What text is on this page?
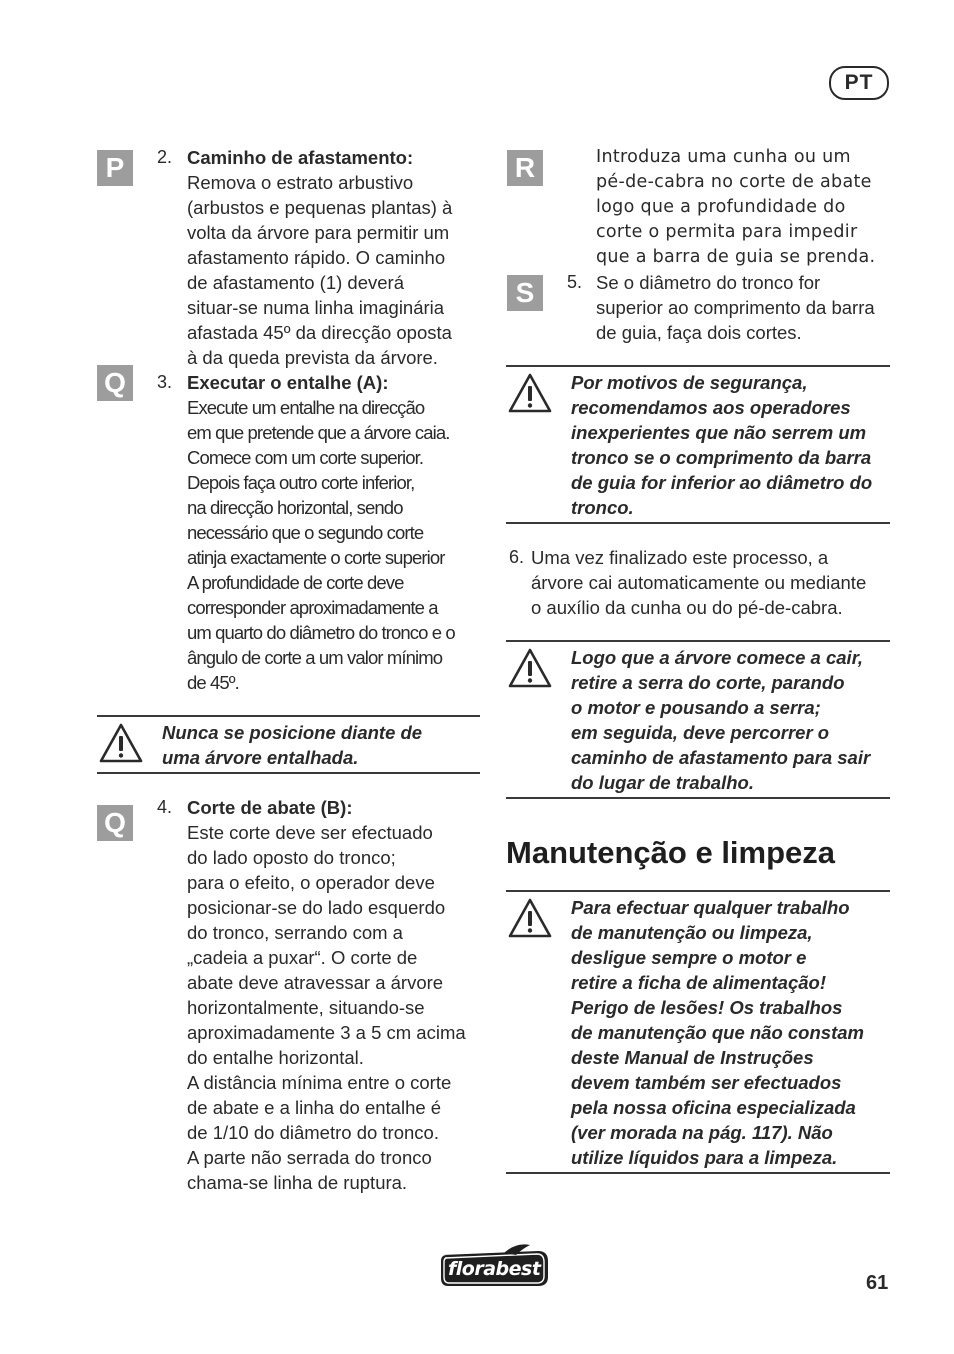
PT
P	2. Caminho de afastamento:
Remova o estrato arbustivo
(arbustos e pequenas plantas) à
volta da árvore para permitir um
afastamento rápido. O caminho
de afastamento (1) deverá
situar-se numa linha imaginária
afastada 45º da direcção oposta
à da queda prevista da árvore.
Q	3. Executar o entalhe (A):
Execute um entalhe na direcção
em que pretende que a árvore caia.
Comece com um corte superior.
Depois faça outro corte inferior,
na direcção horizontal, sendo
necessário que o segundo corte
atinja exactamente o corte superior
A profundidade de corte deve
corresponder aproximadamente a
um quarto do diâmetro do tronco e o
ângulo de corte a um valor mínimo
de 45º.
Nunca se posicione diante de
uma árvore entalhada.
Q	4. Corte de abate (B):
Este corte deve ser efectuado
do lado oposto do tronco;
para o efeito, o operador deve
posicionar-se do lado esquerdo
do tronco, serrando com a
„cadeia a puxar“. O corte de
abate deve atravessar a árvore
horizontalmente, situando-se
aproximadamente 3 a 5 cm acima
do entalhe horizontal.
A distância mínima entre o corte
de abate e a linha do entalhe é
de 1/10 do diâmetro do tronco.
A parte não serrada do tronco
chama-se linha de ruptura.
R	Introduza uma cunha ou um
pé-de-cabra no corte de abate
logo que a profundidade do
corte o permita para impedir
que a barra de guia se prenda.
S	5. Se o diâmetro do tronco for
superior ao comprimento da barra
de guia, faça dois cortes.
Por motivos de segurança,
recomendamos aos operadores
inexperientes que não serrem um
tronco se o comprimento da barra
de guia for inferior ao diâmetro do
tronco.
6. Uma vez finalizado este processo, a
árvore cai automaticamente ou mediante
o auxílio da cunha ou do pé-de-cabra.
Logo que a árvore comece a cair,
retire a serra do corte, parando
o motor e pousando a serra;
em seguida, deve percorrer o
caminho de afastamento para sair
do lugar de trabalho.
Manutenção e limpeza
Para efectuar qualquer trabalho
de manutenção ou limpeza,
desligue sempre o motor e
retire a ficha de alimentação!
Perigo de lesões! Os trabalhos
de manutenção que não constam
deste Manual de Instruções
devem também ser efectuados
pela nossa oficina especializada
(ver morada na pág. 117). Não
utilize líquidos para a limpeza.
florabest
61
